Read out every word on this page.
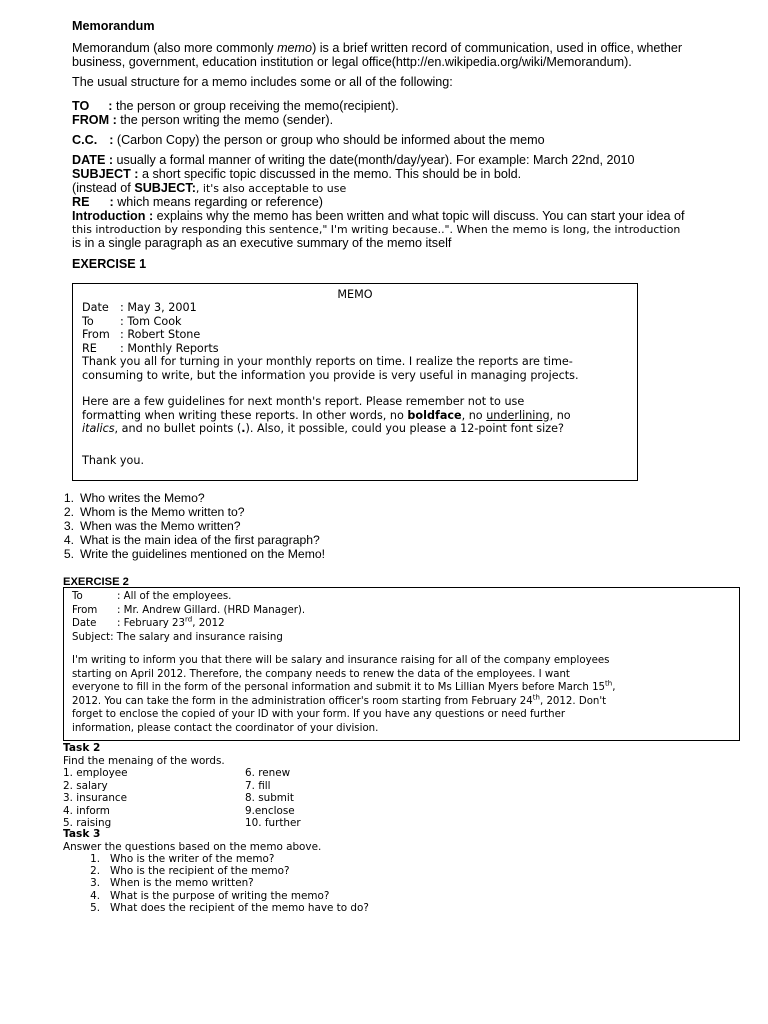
Memorandum
Memorandum (also more commonly memo) is a brief written record of communication, used in office, whether
business, government, education institution or legal office(http://en.wikipedia.org/wiki/Memorandum).
The usual structure for a memo includes some or all of the following:
TO : the person or group receiving the memo(recipient).
FROM : the person writing the memo (sender).
C.C. : (Carbon Copy) the person or group who should be informed about the memo
DATE : usually a formal manner of writing the date(month/day/year). For example: March 22nd, 2010
SUBJECT : a short specific topic discussed in the memo. This should be in bold.
(instead of SUBJECT:, it's also acceptable to use
RE : which means regarding or reference)
Introduction : explains why the memo has been written and what topic will discuss. You can start your idea of
this introduction by responding this sentence," I'm writing because..". When the memo is long, the introduction
is in a single paragraph as an executive summary of the memo itself
EXERCISE 1
MEMO
Date	: May 3, 2001
To	: Tom Cook
From : Robert Stone
RE	: Monthly Reports
Thank you all for turning in your monthly reports on time. I realize the reports are time-
consuming to write, but the information you provide is very useful in managing projects.
Here are a few guidelines for next month's report. Please remember not to use
formatting when writing these reports. In other words, no boldface, no underlining, no
italics, and no bullet points (.). Also, it possible, could you please a 12-point font size?
Thank you.
1. Who writes the Memo?
2. Whom is the Memo written to?
3. When was the Memo written?
4. What is the main idea of the first paragraph?
5. Write the guidelines mentioned on the Memo!
EXERCISE 2
To	: All of the employees.
From	: Mr. Andrew Gillard. (HRD Manager).
Date	: February 23rd, 2012
Subject: The salary and insurance raising
I'm writing to inform you that there will be salary and insurance raising for all of the company employees
starting on April 2012. Therefore, the company needs to renew the data of the employees. I want
everyone to fill in the form of the personal information and submit it to Ms Lillian Myers before March 15th,
2012. You can take the form in the administration officer's room starting from February 24th, 2012. Don't
forget to enclose the copied of your ID with your form. If you have any questions or need further
information, please contact the coordinator of your division.
Task 2
Find the menaing of the words.
1. employee	6. renew
2. salary	7. fill
3. insurance	8. submit
4. inform	9.enclose
5. raising	10. further
Task 3
Answer the questions based on the memo above.
1. Who is the writer of the memo?
2. Who is the recipient of the memo?
3. When is the memo written?
4. What is the purpose of writing the memo?
5. What does the recipient of the memo have to do?
